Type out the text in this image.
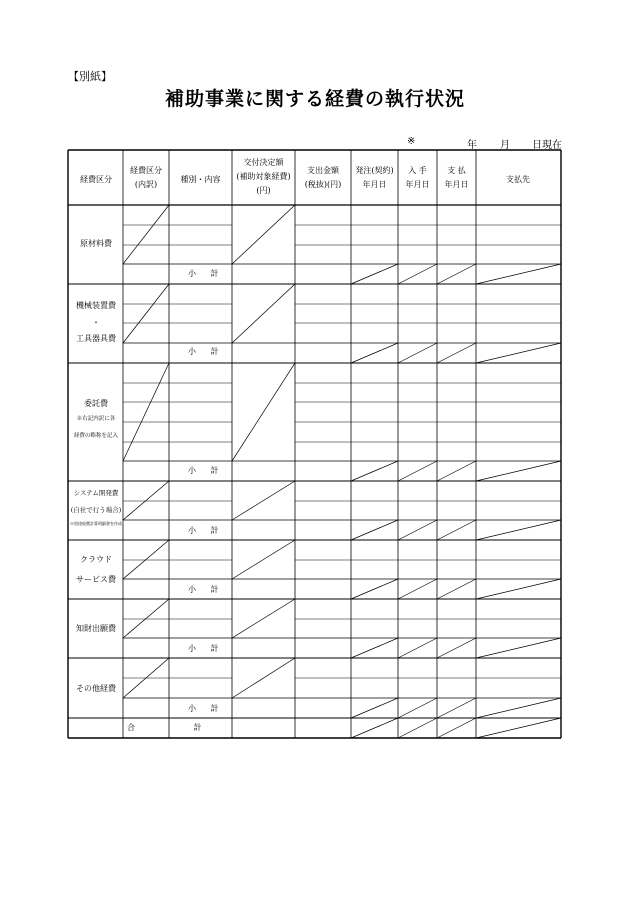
【別紙】
補助事業に関する経費の執行状況
※	年 月 日現在
経費区分
経費区分
(内訳)
種別・内容
交付決定額
(補助対象経費)
(円)
支出金額
(税抜)(円)
発注(契約)
年月日
入 手
年月日
支 払
年月日
支払先
原材料費
機械装置費
・
工具器具費
委託費
※右記内訳に各
経費の略称を記入
システム開発費
(自社で行う場合)
※別途経費計算明細書を作成
クラウド
サービス費
知財出願費
その他経費
小 計
小 計
小 計
小 計
小 計
小 計
小 計
合 計
